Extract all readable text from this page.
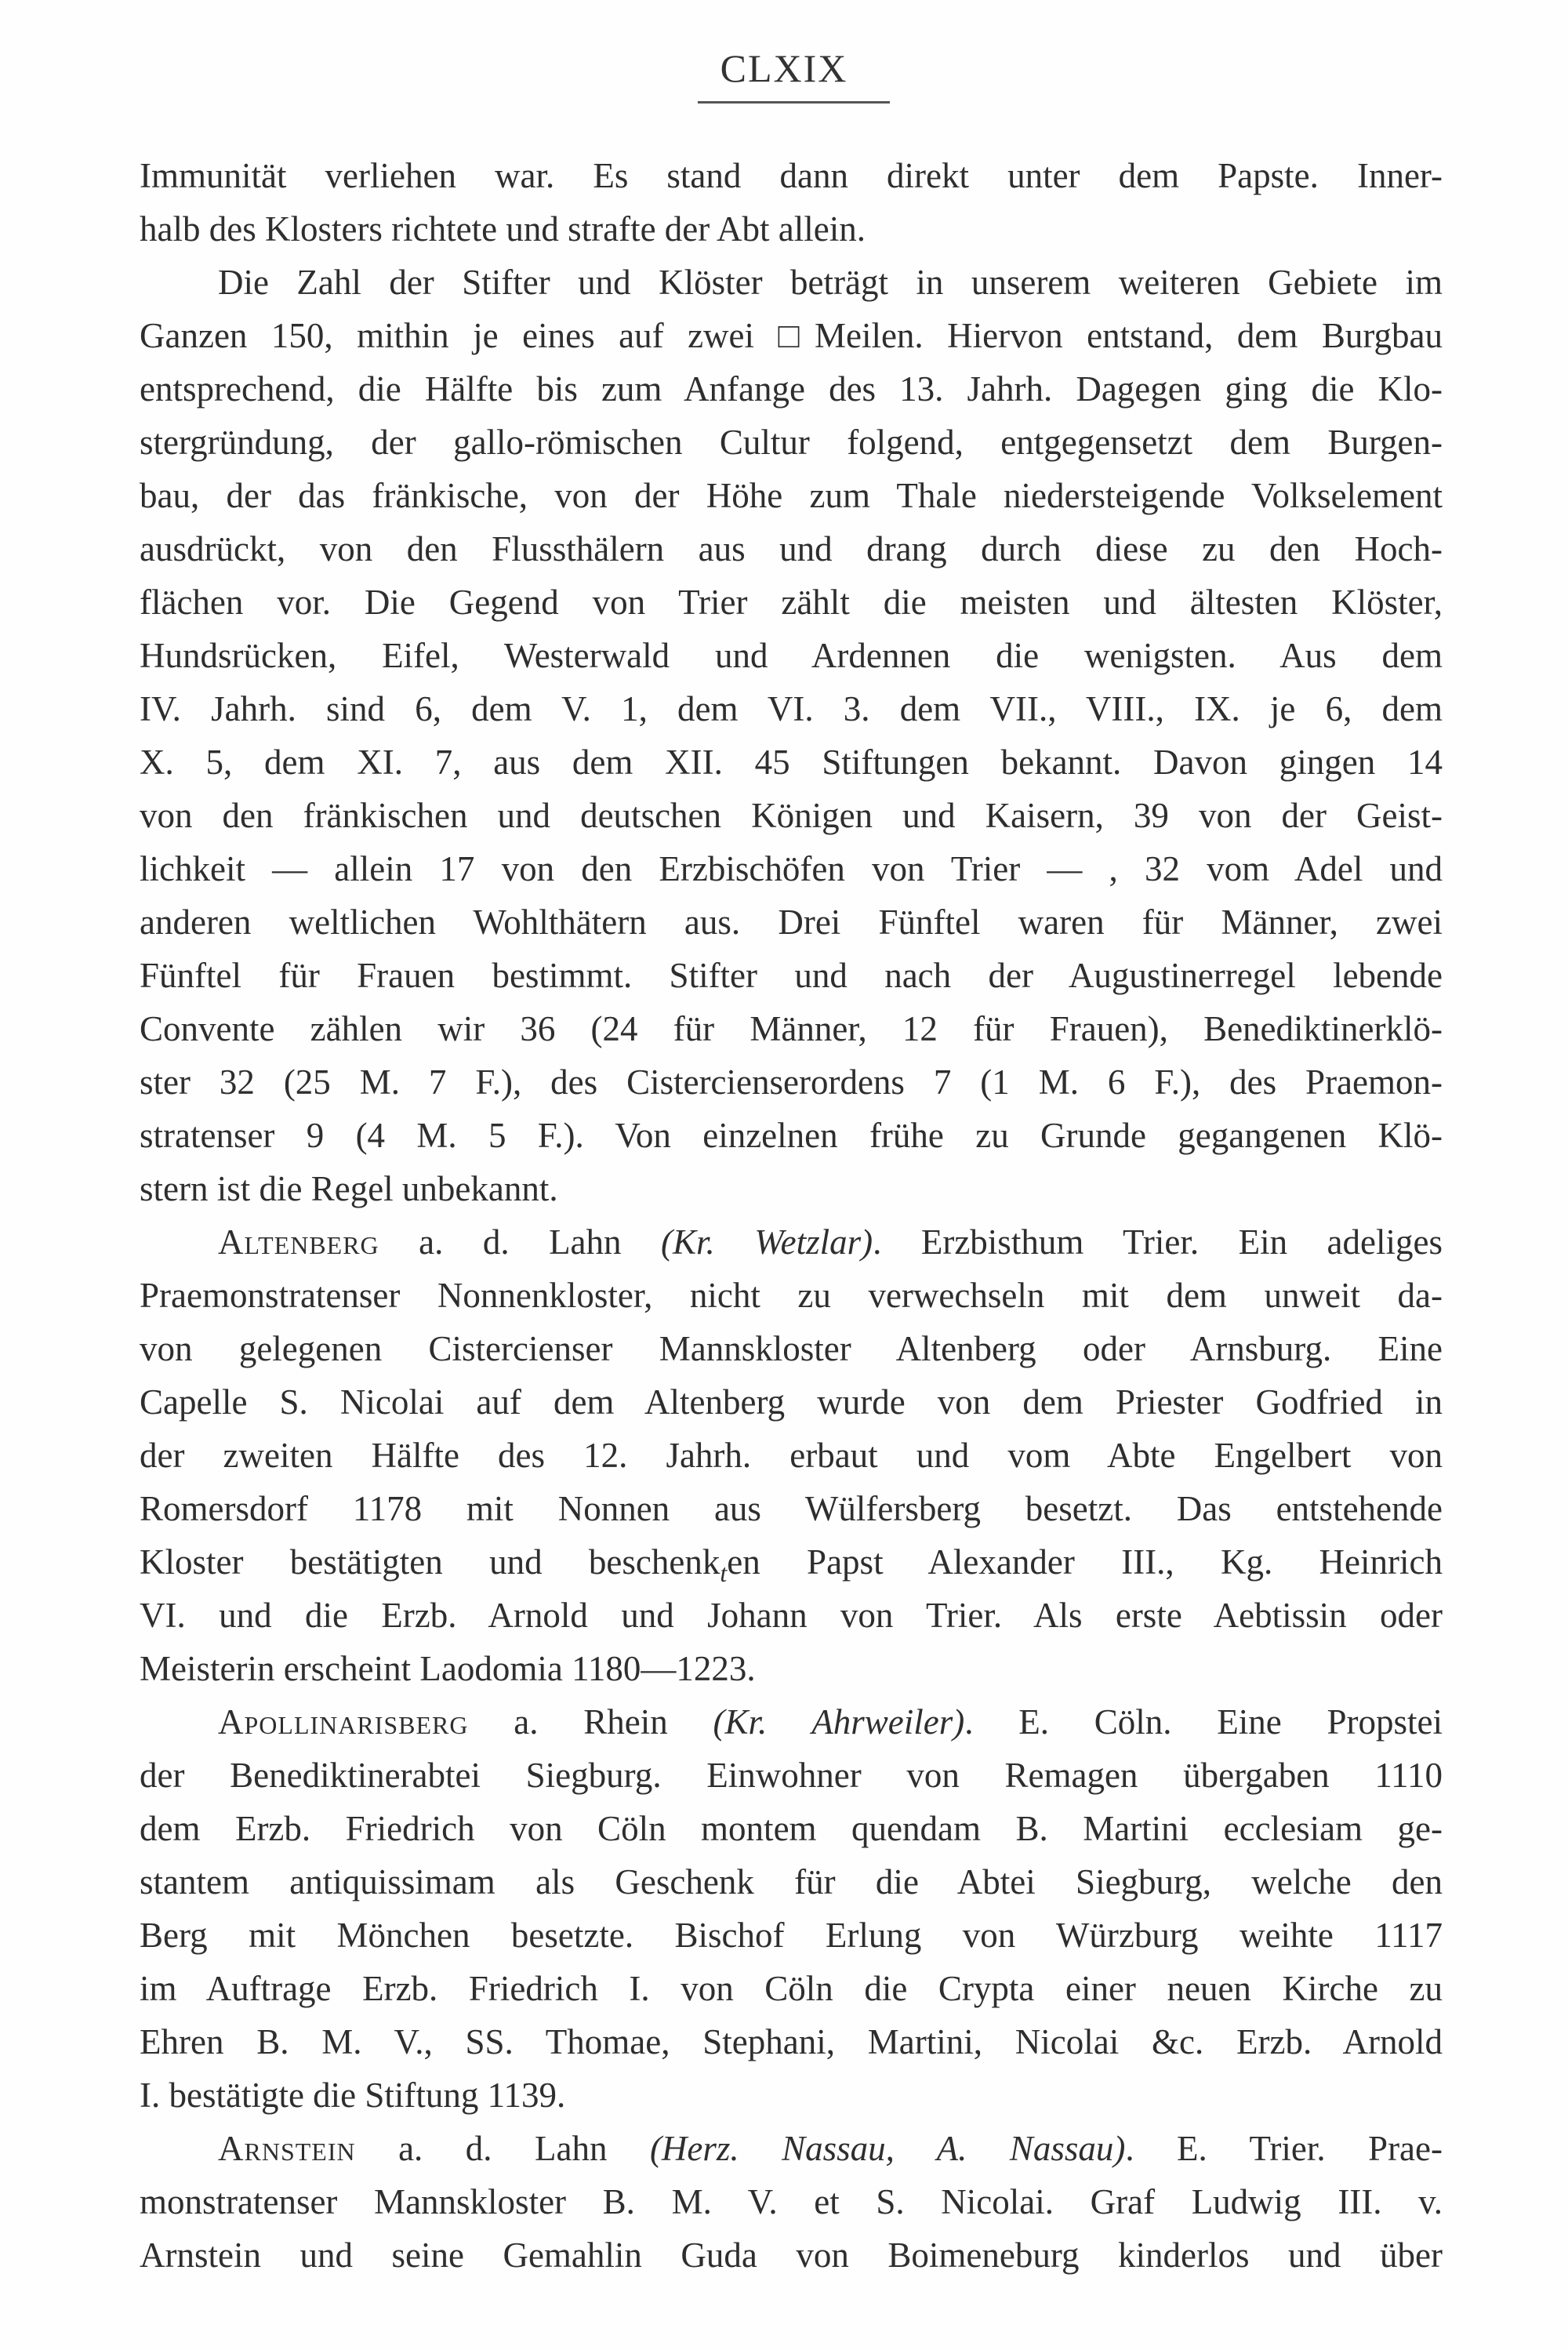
CLXIX
Immunität verliehen war. Es stand dann direkt unter dem Papste. Inner-
halb des Klosters richtete und strafte der Abt allein.
Die Zahl der Stifter und Klöster beträgt in unserem weiteren Gebiete im
Ganzen 150, mithin je eines auf zwei □Meilen. Hiervon entstand, dem Burgbau
entsprechend, die Hälfte bis zum Anfange des 13. Jahrh. Dagegen ging die Klo-
stergründung, der gallo-römischen Cultur folgend, entgegensetzt dem Burgen-
bau, der das fränkische, von der Höhe zum Thale niedersteigende Volkselement
ausdrückt, von den Flussthälern aus und drang durch diese zu den Hoch-
flächen vor. Die Gegend von Trier zählt die meisten und ältesten Klöster,
Hundsrücken, Eifel, Westerwald und Ardennen die wenigsten. Aus dem
IV. Jahrh. sind 6, dem V. 1, dem VI. 3. dem VII., VIII., IX. je 6, dem
X. 5, dem XI. 7, aus dem XII. 45 Stiftungen bekannt. Davon gingen 14
von den fränkischen und deutschen Königen und Kaisern, 39 von der Geist-
lichkeit — allein 17 von den Erzbischöfen von Trier — , 32 vom Adel und
anderen weltlichen Wohlthätern aus. Drei Fünftel waren für Männer, zwei
Fünftel für Frauen bestimmt. Stifter und nach der Augustinerregel lebende
Convente zählen wir 36 (24 für Männer, 12 für Frauen), Benediktinerklö-
ster 32 (25 M. 7 F.), des Cistercienserordens 7 (1 M. 6 F.), des Praemon-
stratenser 9 (4 M. 5 F.). Von einzelnen frühe zu Grunde gegangenen Klö-
stern ist die Regel unbekannt.
Altenberg a. d. Lahn (Kr. Wetzlar). Erzbisthum Trier. Ein adeliges
Praemonstratenser Nonnenkloster, nicht zu verwechseln mit dem unweit da-
von gelegenen Cistercienser Mannskloster Altenberg oder Arnsburg. Eine
Capelle S. Nicolai auf dem Altenberg wurde von dem Priester Godfried in
der zweiten Hälfte des 12. Jahrh. erbaut und vom Abte Engelbert von
Romersdorf 1178 mit Nonnen aus Wülfersberg besetzt. Das entstehende
Kloster bestätigten und beschenk$_t$en Papst Alexander III., Kg. Heinrich
VI. und die Erzb. Arnold und Johann von Trier. Als erste Aebtissin oder
Meisterin erscheint Laodomia 1180—1223.
Apollinarisberg a. Rhein (Kr. Ahrweiler). E. Cöln. Eine Propstei
der Benediktinerabtei Siegburg. Einwohner von Remagen übergaben 1110
dem Erzb. Friedrich von Cöln montem quendam B. Martini ecclesiam ge-
stantem antiquissimam als Geschenk für die Abtei Siegburg, welche den
Berg mit Mönchen besetzte. Bischof Erlung von Würzburg weihte 1117
im Auftrage Erzb. Friedrich I. von Cöln die Crypta einer neuen Kirche zu
Ehren B. M. V., SS. Thomae, Stephani, Martini, Nicolai &c. Erzb. Arnold
I. bestätigte die Stiftung 1139.
Arnstein a. d. Lahn (Herz. Nassau, A. Nassau). E. Trier. Prae-
monstratenser Mannskloster B. M. V. et S. Nicolai. Graf Ludwig III. v.
Arnstein und seine Gemahlin Guda von Boimeneburg kinderlos und über
